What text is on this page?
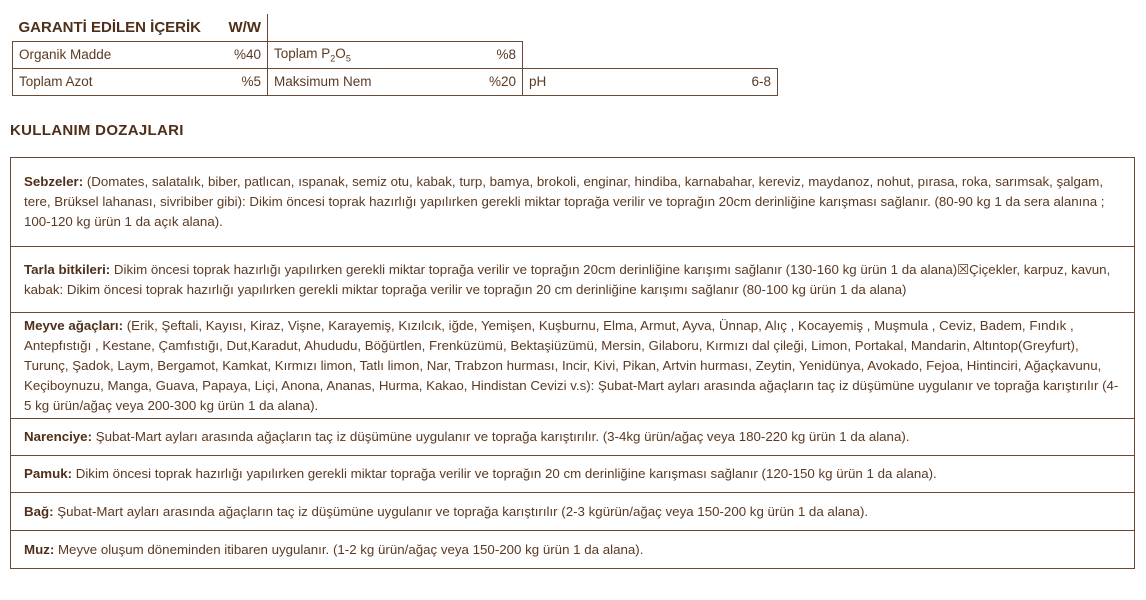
GARANTİ EDİLEN İÇERİK W/W		

Organik Madde %40	Toplam $P_2O_5$ %8	

Toplam Azot %5	Maksimum Nem %20	pH 6-8
KULLANIM DOZAJLARI
Sebzeler: (Domates, salatalık, biber, patlıcan, ıspanak, semiz otu, kabak, turp, bamya, brokoli, enginar, hindiba, karnabahar, kereviz, maydanoz, nohut, pırasa, roka, sarımsak, şalgam, tere, Brüksel lahanası, sivribiber gibi): Dikim öncesi toprak hazırlığı yapılırken gerekli miktar toprağa verilir ve toprağın 20cm derinliğine karışması sağlanır. (80-90 kg 1 da sera alanına ; 100-120 kg ürün 1 da açık alana).
Tarla bitkileri: Dikim öncesi toprak hazırlığı yapılırken gerekli miktar toprağa verilir ve toprağın 20cm derinliğine karışımı sağlanır (130-160 kg ürün 1 da alana)☒Çiçekler, karpuz, kavun, kabak: Dikim öncesi toprak hazırlığı yapılırken gerekli miktar toprağa verilir ve toprağın 20 cm derinliğine karışımı sağlanır (80-100 kg ürün 1 da alana)
Meyve ağaçları: (Erik, Şeftali, Kayısı, Kiraz, Vişne, Karayemiş, Kızılcık, iğde, Yemişen, Kuşburnu, Elma, Armut, Ayva, Ünnap, Alıç , Kocayemiş , Muşmula , Ceviz, Badem, Fındık , Antepfıstığı , Kestane, Çamfıstığı, Dut,Karadut, Ahududu, Böğürtlen, Frenküzümü, Bektaşiüzümü, Mersin, Gilaboru, Kırmızı dal çileği, Limon, Portakal, Mandarin, Altıntop(Greyfurt), Turunç, Şadok, Laym, Bergamot, Kamkat, Kırmızı limon, Tatlı limon, Nar, Trabzon hurması, Incir, Kivi, Pikan, Artvin hurması, Zeytin, Yenidünya, Avokado, Fejoa, Hintinciri, Ağaçkavunu, Keçiboynuzu, Manga, Guava, Papaya, Liçi, Anona, Ananas, Hurma, Kakao, Hindistan Cevizi v.s): Şubat-Mart ayları arasında ağaçların taç iz düşümüne uygulanır ve toprağa karıştırılır (4-5 kg ürün/ağaç veya 200-300 kg ürün 1 da alana).
Narenciye: Şubat-Mart ayları arasında ağaçların taç iz düşümüne uygulanır ve toprağa karıştırılır. (3-4kg ürün/ağaç veya 180-220 kg ürün 1 da alana).
Pamuk: Dikim öncesi toprak hazırlığı yapılırken gerekli miktar toprağa verilir ve toprağın 20 cm derinliğine karışması sağlanır (120-150 kg ürün 1 da alana).
Bağ: Şubat-Mart ayları arasında ağaçların taç iz düşümüne uygulanır ve toprağa karıştırılır (2-3 kgürün/ağaç veya 150-200 kg ürün 1 da alana).
Muz: Meyve oluşum döneminden itibaren uygulanır. (1-2 kg ürün/ağaç veya 150-200 kg ürün 1 da alana).
